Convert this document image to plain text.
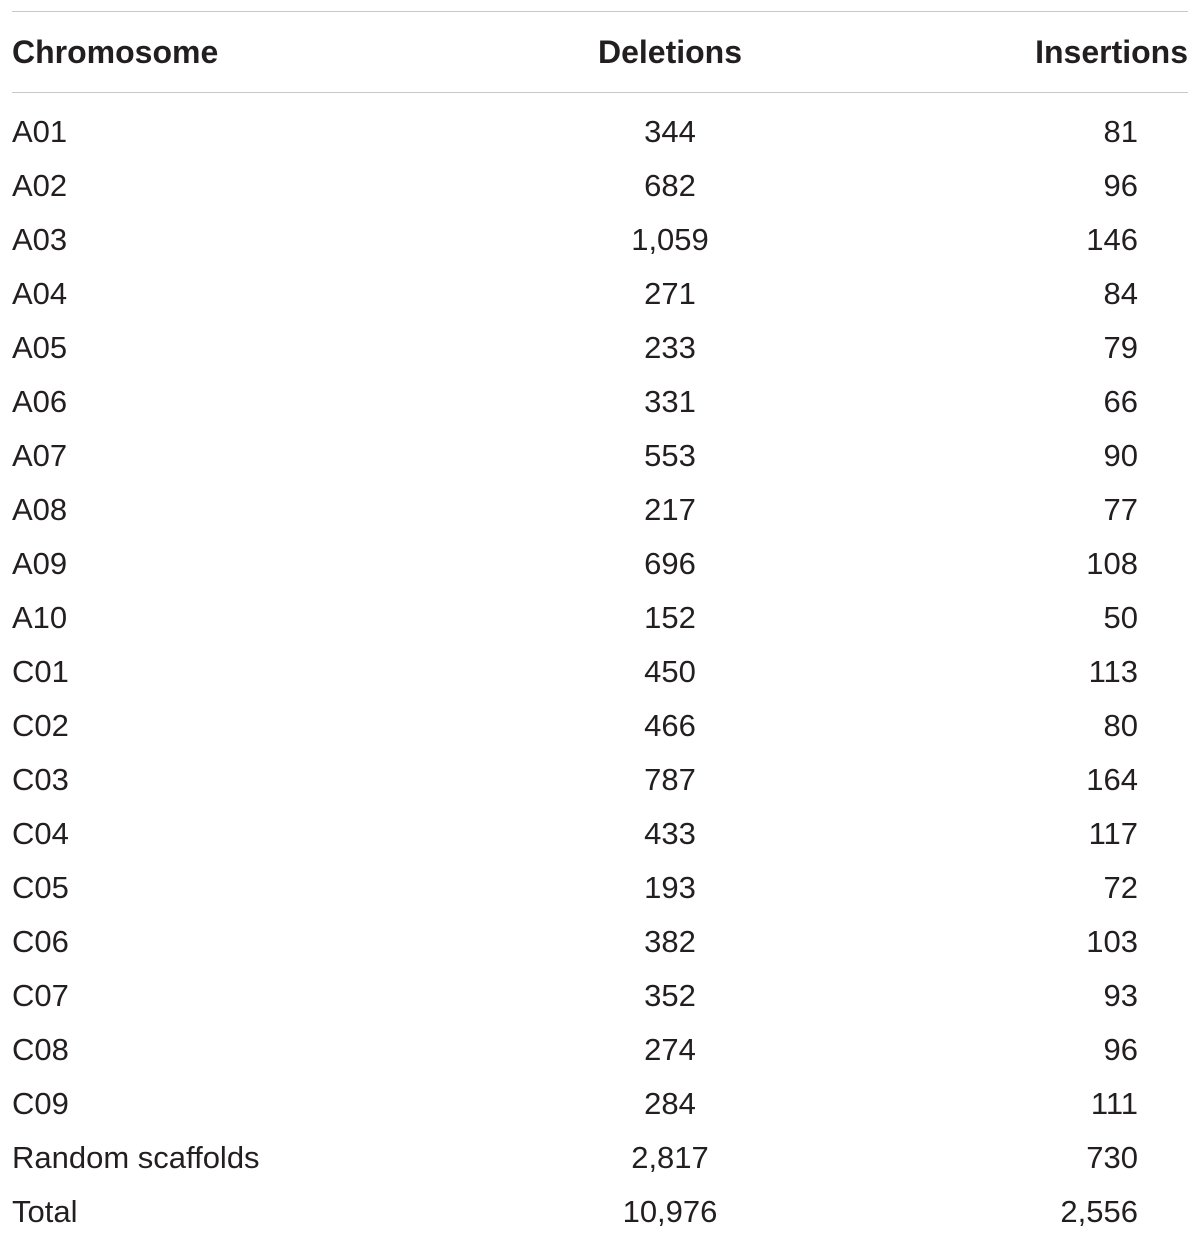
Chromosome	Deletions	Insertions
A01	344	81
A02	682	96
A03	1,059	146
A04	271	84
A05	233	79
A06	331	66
A07	553	90
A08	217	77
A09	696	108
A10	152	50
C01	450	113
C02	466	80
C03	787	164
C04	433	117
C05	193	72
C06	382	103
C07	352	93
C08	274	96
C09	284	111
Random scaffolds	2,817	730
Total	10,976	2,556
